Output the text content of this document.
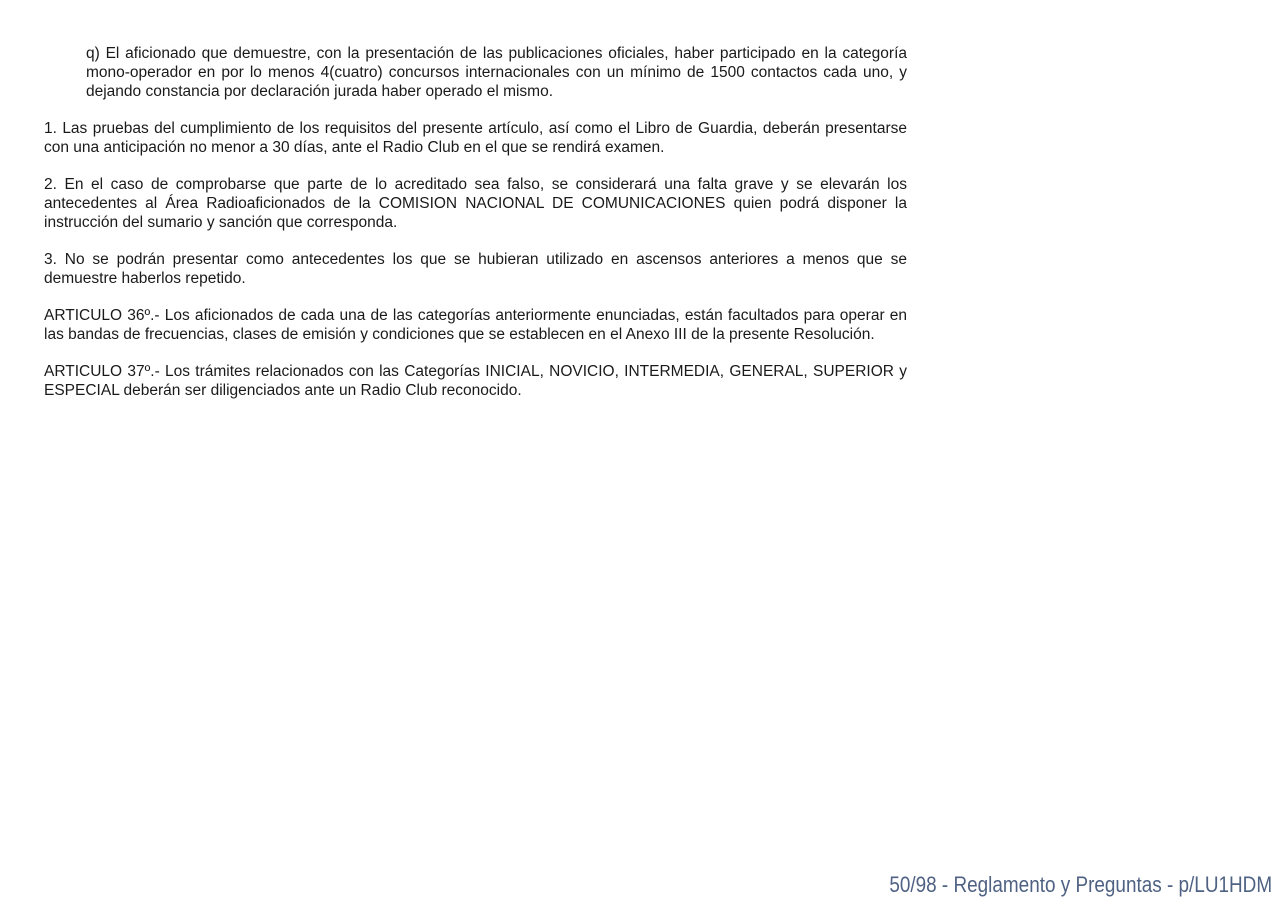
q) El aficionado que demuestre, con la presentación de las publicaciones oficiales, haber participado en la categoría mono-operador en por lo menos 4(cuatro) concursos internacionales con un mínimo de 1500 contactos cada uno, y dejando constancia por declaración jurada haber operado el mismo.

1. Las pruebas del cumplimiento de los requisitos del presente artículo, así como el Libro de Guardia, deberán presentarse con una anticipación no menor a 30 días, ante el Radio Club en el que se rendirá examen.

2. En el caso de comprobarse que parte de lo acreditado sea falso, se considerará una falta grave y se elevarán los antecedentes al Área Radioaficionados de la COMISION NACIONAL DE COMUNICACIONES quien podrá disponer la instrucción del sumario y sanción que corresponda.

3. No se podrán presentar como antecedentes los que se hubieran utilizado en ascensos anteriores a menos que se demuestre haberlos repetido.

ARTICULO 36º.- Los aficionados de cada una de las categorías anteriormente enunciadas, están facultados para operar en las bandas de frecuencias, clases de emisión y condiciones que se establecen en el Anexo III de la presente Resolución.

ARTICULO 37º.- Los trámites relacionados con las Categorías INICIAL, NOVICIO, INTERMEDIA, GENERAL, SUPERIOR y ESPECIAL deberán ser diligenciados ante un Radio Club reconocido.

50/98 - Reglamento y Preguntas - p/LU1HDM
